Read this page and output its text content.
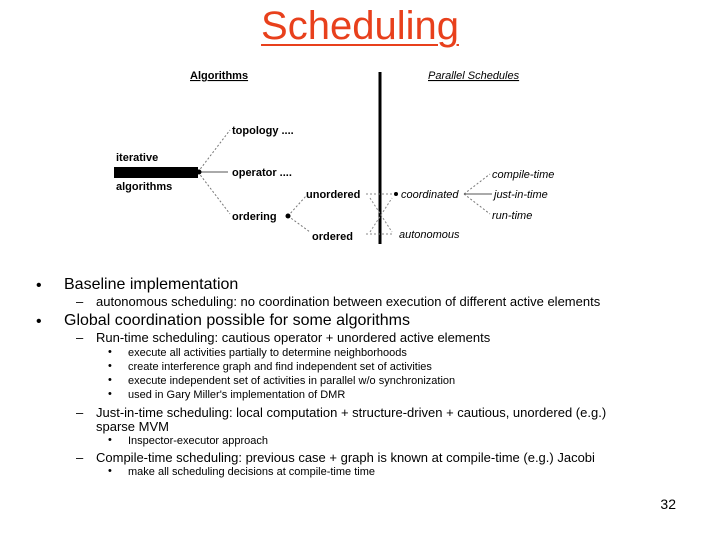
Scheduling
Algorithms	Parallel Schedules
iterative
algorithms
topology ....
operator ....
ordering
unordered
ordered
coordinated
autonomous
compile-time
just-in-time
run-time
• Baseline implementation
– autonomous scheduling: no coordination between execution of different active elements
• Global coordination possible for some algorithms
– Run-time scheduling: cautious operator + unordered active elements
• execute all activities partially to determine neighborhoods
• create interference graph and find independent set of activities
• execute independent set of activities in parallel w/o synchronization
• used in Gary Miller's implementation of DMR
– Just-in-time scheduling: local computation + structure-driven + cautious, unordered (e.g.)
sparse MVM
• Inspector-executor approach
– Compile-time scheduling: previous case + graph is known at compile-time (e.g.) Jacobi
• make all scheduling decisions at compile-time time
32
